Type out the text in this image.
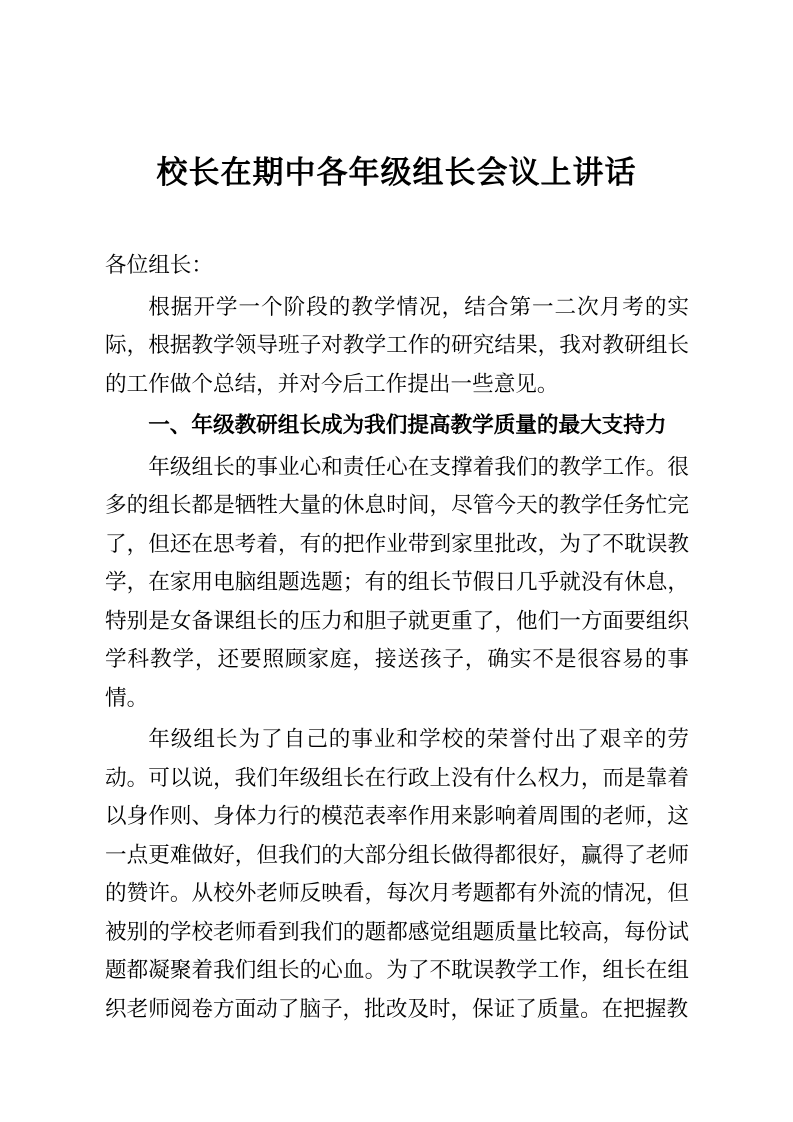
校长在期中各年级组长会议上讲话

各位组长：

根据开学一个阶段的教学情况，结合第一二次月考的实际，根据教学领导班子对教学工作的研究结果，我对教研组长的工作做个总结，并对今后工作提出一些意见。

一、年级教研组长成为我们提高教学质量的最大支持力

年级组长的事业心和责任心在支撑着我们的教学工作。很多的组长都是牺牲大量的休息时间，尽管今天的教学任务忙完了，但还在思考着，有的把作业带到家里批改，为了不耽误教学，在家用电脑组题选题；有的组长节假日几乎就没有休息，特别是女备课组长的压力和胆子就更重了，他们一方面要组织学科教学，还要照顾家庭，接送孩子，确实不是很容易的事情。

年级组长为了自己的事业和学校的荣誉付出了艰辛的劳动。可以说，我们年级组长在行政上没有什么权力，而是靠着以身作则、身体力行的模范表率作用来影响着周围的老师，这一点更难做好，但我们的大部分组长做得都很好，赢得了老师的赞许。从校外老师反映看，每次月考题都有外流的情况，但被别的学校老师看到我们的题都感觉组题质量比较高，每份试题都凝聚着我们组长的心血。为了不耽误教学工作，组长在组织老师阅卷方面动了脑子，批改及时，保证了质量。在把握教
